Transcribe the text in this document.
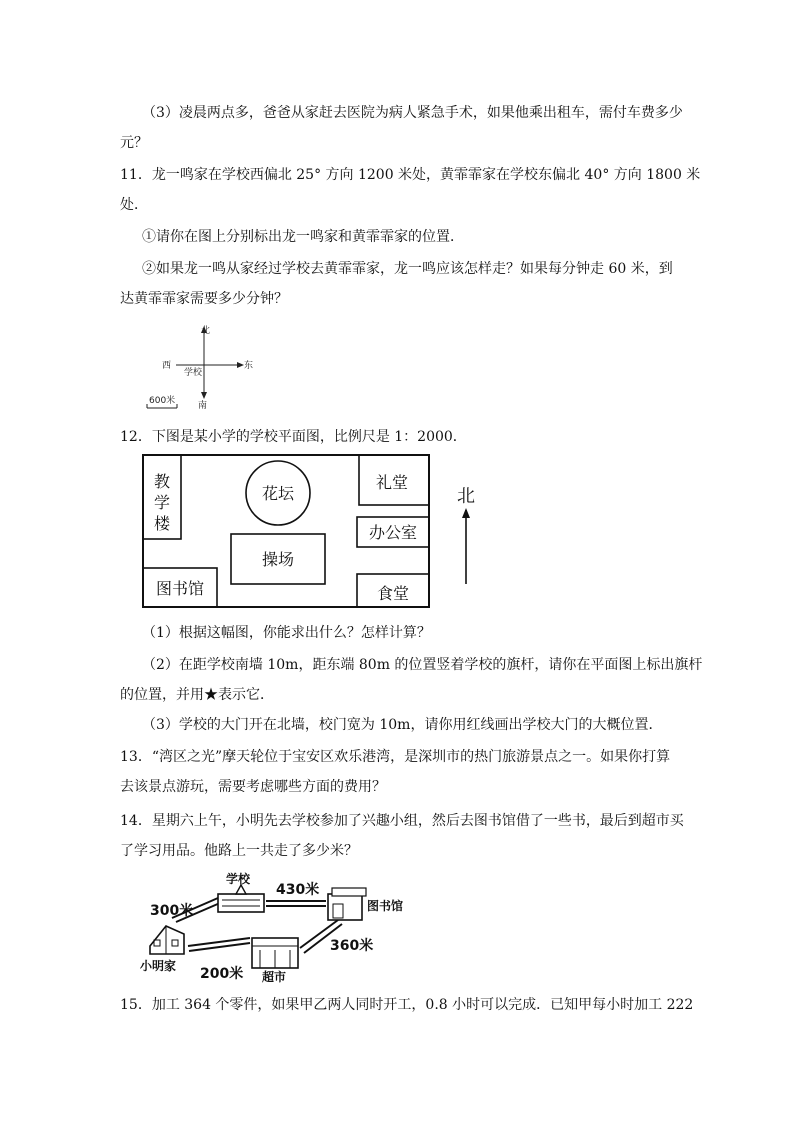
（3）凌晨两点多，爸爸从家赶去医院为病人紧急手术，如果他乘出租车，需付车费多少
元？
11．龙一鸣家在学校西偏北 25° 方向 1200 米处，黄霏霏家在学校东偏北 40° 方向 1800 米
处．
①请你在图上分别标出龙一鸣家和黄霏霏家的位置．
②如果龙一鸣从家经过学校去黄霏霏家，龙一鸣应该怎样走？如果每分钟走 60 米，到
达黄霏霏家需要多少分钟？
北
南
东
西
学校
600米
12．下图是某小学的学校平面图，比例尺是 1：2000．
教
学
楼
花坛
礼堂
办公室
操场
图书馆	食堂
北
（1）根据这幅图，你能求出什么？怎样计算？
（2）在距学校南墙 10m，距东端 80m 的位置竖着学校的旗杆，请你在平面图上标出旗杆
的位置，并用★表示它．
（3）学校的大门开在北墙，校门宽为 10m，请你用红线画出学校大门的大概位置．
13．“湾区之光”摩天轮位于宝安区欢乐港湾，是深圳市的热门旅游景点之一。如果你打算
去该景点游玩，需要考虑哪些方面的费用？
14．星期六上午，小明先去学校参加了兴趣小组，然后去图书馆借了一些书，最后到超市买
了学习用品。他路上一共走了多少米？
学校
图书馆
小明家
超市
300米
430米
360米
200米
15．加工 364 个零件，如果甲乙两人同时开工，0.8 小时可以完成．已知甲每小时加工 222
